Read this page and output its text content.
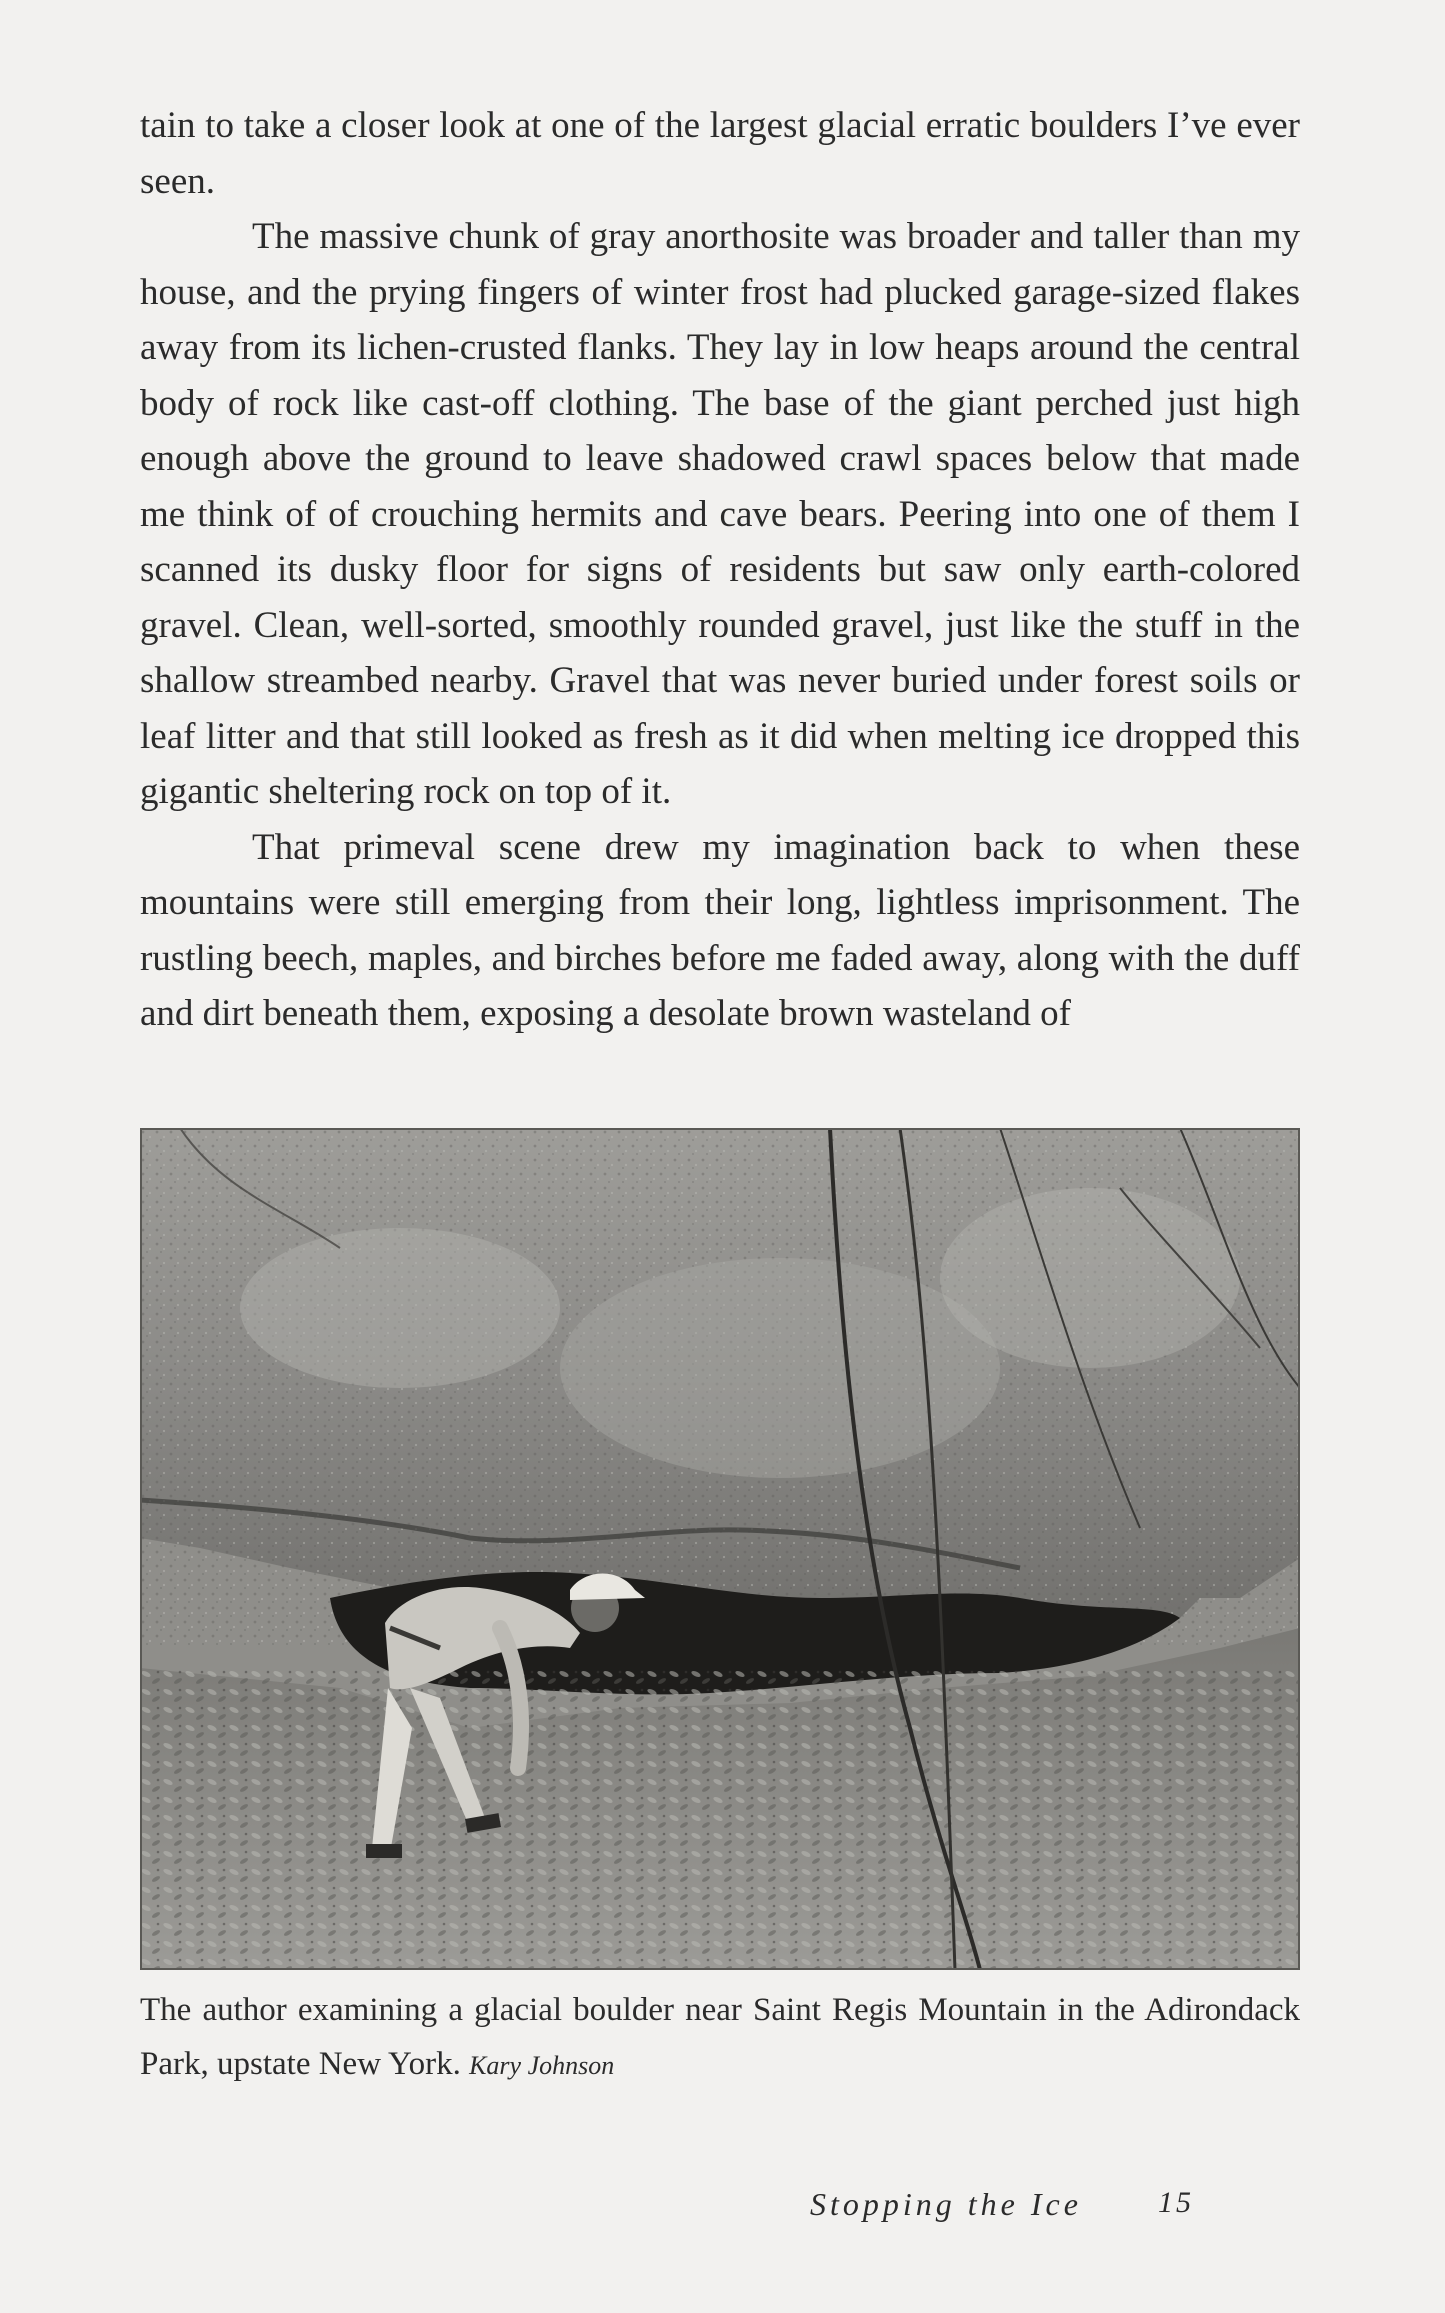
tain to take a closer look at one of the largest glacial erratic boulders I’ve ever seen.

The massive chunk of gray anorthosite was broader and taller than my house, and the prying fingers of winter frost had plucked garage-sized flakes away from its lichen-crusted flanks. They lay in low heaps around the central body of rock like cast-off clothing. The base of the giant perched just high enough above the ground to leave shadowed crawl spaces below that made me think of of crouching hermits and cave bears. Peering into one of them I scanned its dusky floor for signs of residents but saw only earth-colored gravel. Clean, well-sorted, smoothly rounded gravel, just like the stuff in the shallow streambed nearby. Gravel that was never buried under forest soils or leaf litter and that still looked as fresh as it did when melting ice dropped this gigantic sheltering rock on top of it.

That primeval scene drew my imagination back to when these mountains were still emerging from their long, lightless imprisonment. The rustling beech, maples, and birches before me faded away, along with the duff and dirt beneath them, exposing a desolate brown wasteland of

The author examining a glacial boulder near Saint Regis Mountain in the Adirondack Park, upstate New York. Kary Johnson
Stopping the Ice	15
